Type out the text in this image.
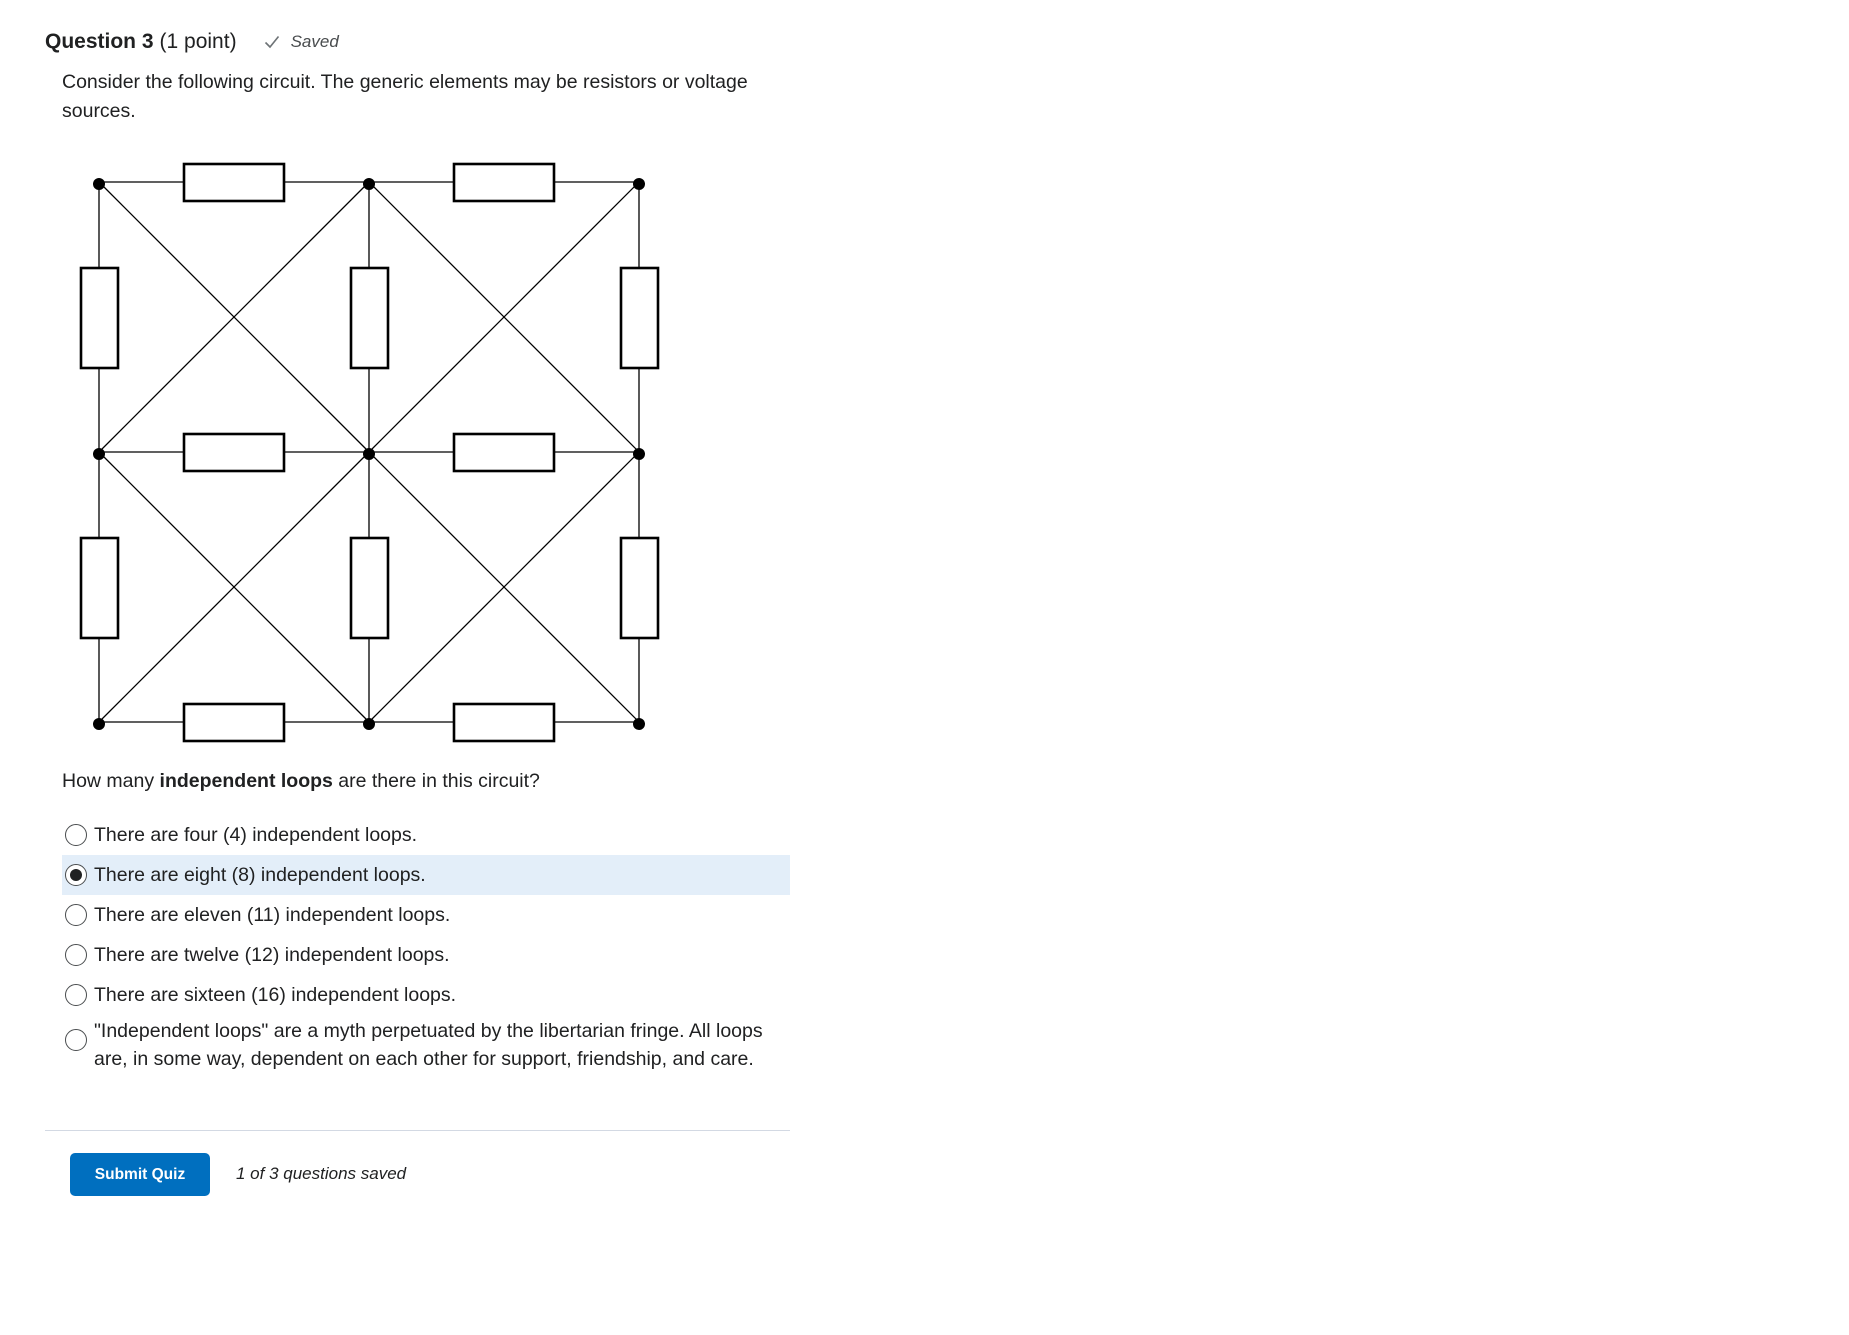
Question 3 (1 point)	Saved
Consider the following circuit. The generic elements may be resistors or voltage sources.
How many independent loops are there in this circuit?
There are four (4) independent loops.
There are eight (8) independent loops.
There are eleven (11) independent loops.
There are twelve (12) independent loops.
There are sixteen (16) independent loops.
"Independent loops" are a myth perpetuated by the libertarian fringe. All loops are, in some way, dependent on each other for support, friendship, and care.
Submit Quiz	1 of 3 questions saved
